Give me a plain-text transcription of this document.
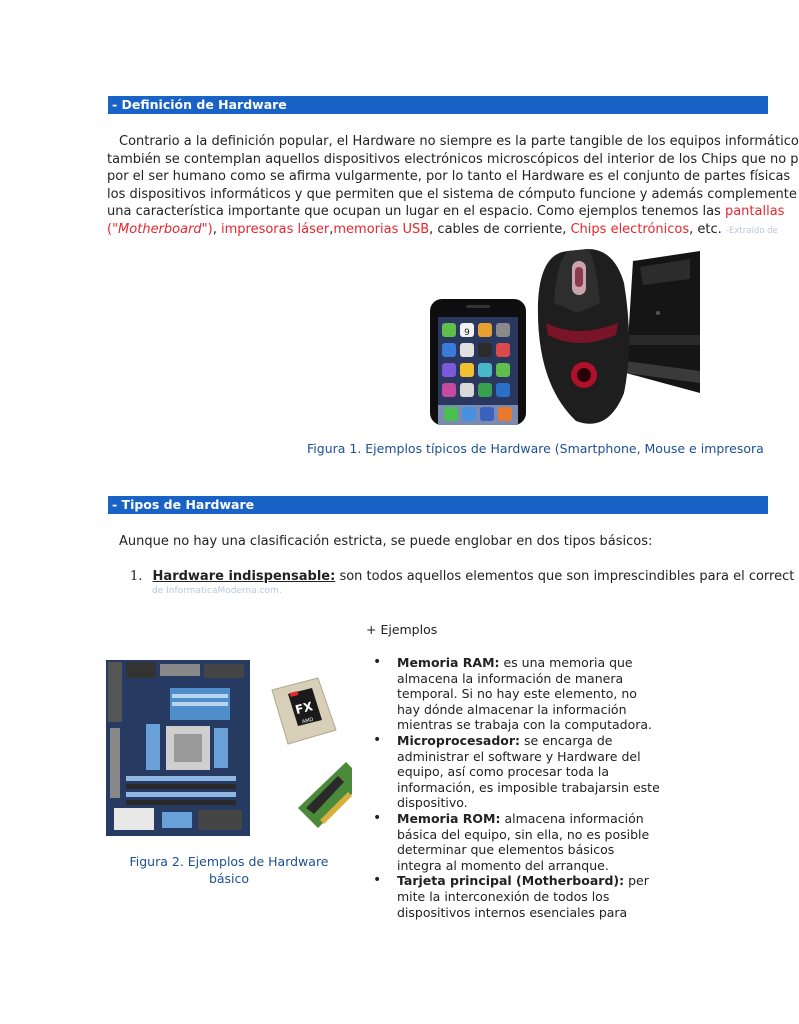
- Definición de Hardware
Contrario a la definición popular, el Hardware no siempre es la parte tangible de los equipos informático
también se contemplan aquellos dispositivos electrónicos microscópicos del interior de los Chips que no p
por el ser humano como se afirma vulgarmente, por lo tanto el Hardware es el conjunto de partes físicas
los dispositivos informáticos y que permiten que el sistema de cómputo funcione y además complemente
una característica importante que ocupan un lugar en el espacio. Como ejemplos tenemos las pantallas
("Motherboard"), impresoras láser,memorias USB, cables de corriente, Chips electrónicos, etc. -Extraído de
9
Figura 1. Ejemplos típicos de Hardware (Smartphone, Mouse e impresora
- Tipos de Hardware
Aunque no hay una clasificación estricta, se puede englobar en dos tipos básicos:
1. Hardware indispensable: son todos aquellos elementos que son imprescindibles para el correct
de InformaticaModerna.com.
+ Ejemplos
FX
AMD
Figura 2. Ejemplos de Hardware
básico
• Memoria RAM: es una memoria que almacena la información de manera temporal. Si no hay este elemento, no hay dónde almacenar la información mientras se trabaja con la computadora.
• Microprocesador: se encarga de administrar el software y Hardware del equipo, así como procesar toda la información, es imposible trabajarsin este dispositivo.
• Memoria ROM: almacena información básica del equipo, sin ella, no es posible determinar que elementos básicos integra al momento del arranque.
• Tarjeta principal (Motherboard): per mite la interconexión de todos los dispositivos internos esenciales para
